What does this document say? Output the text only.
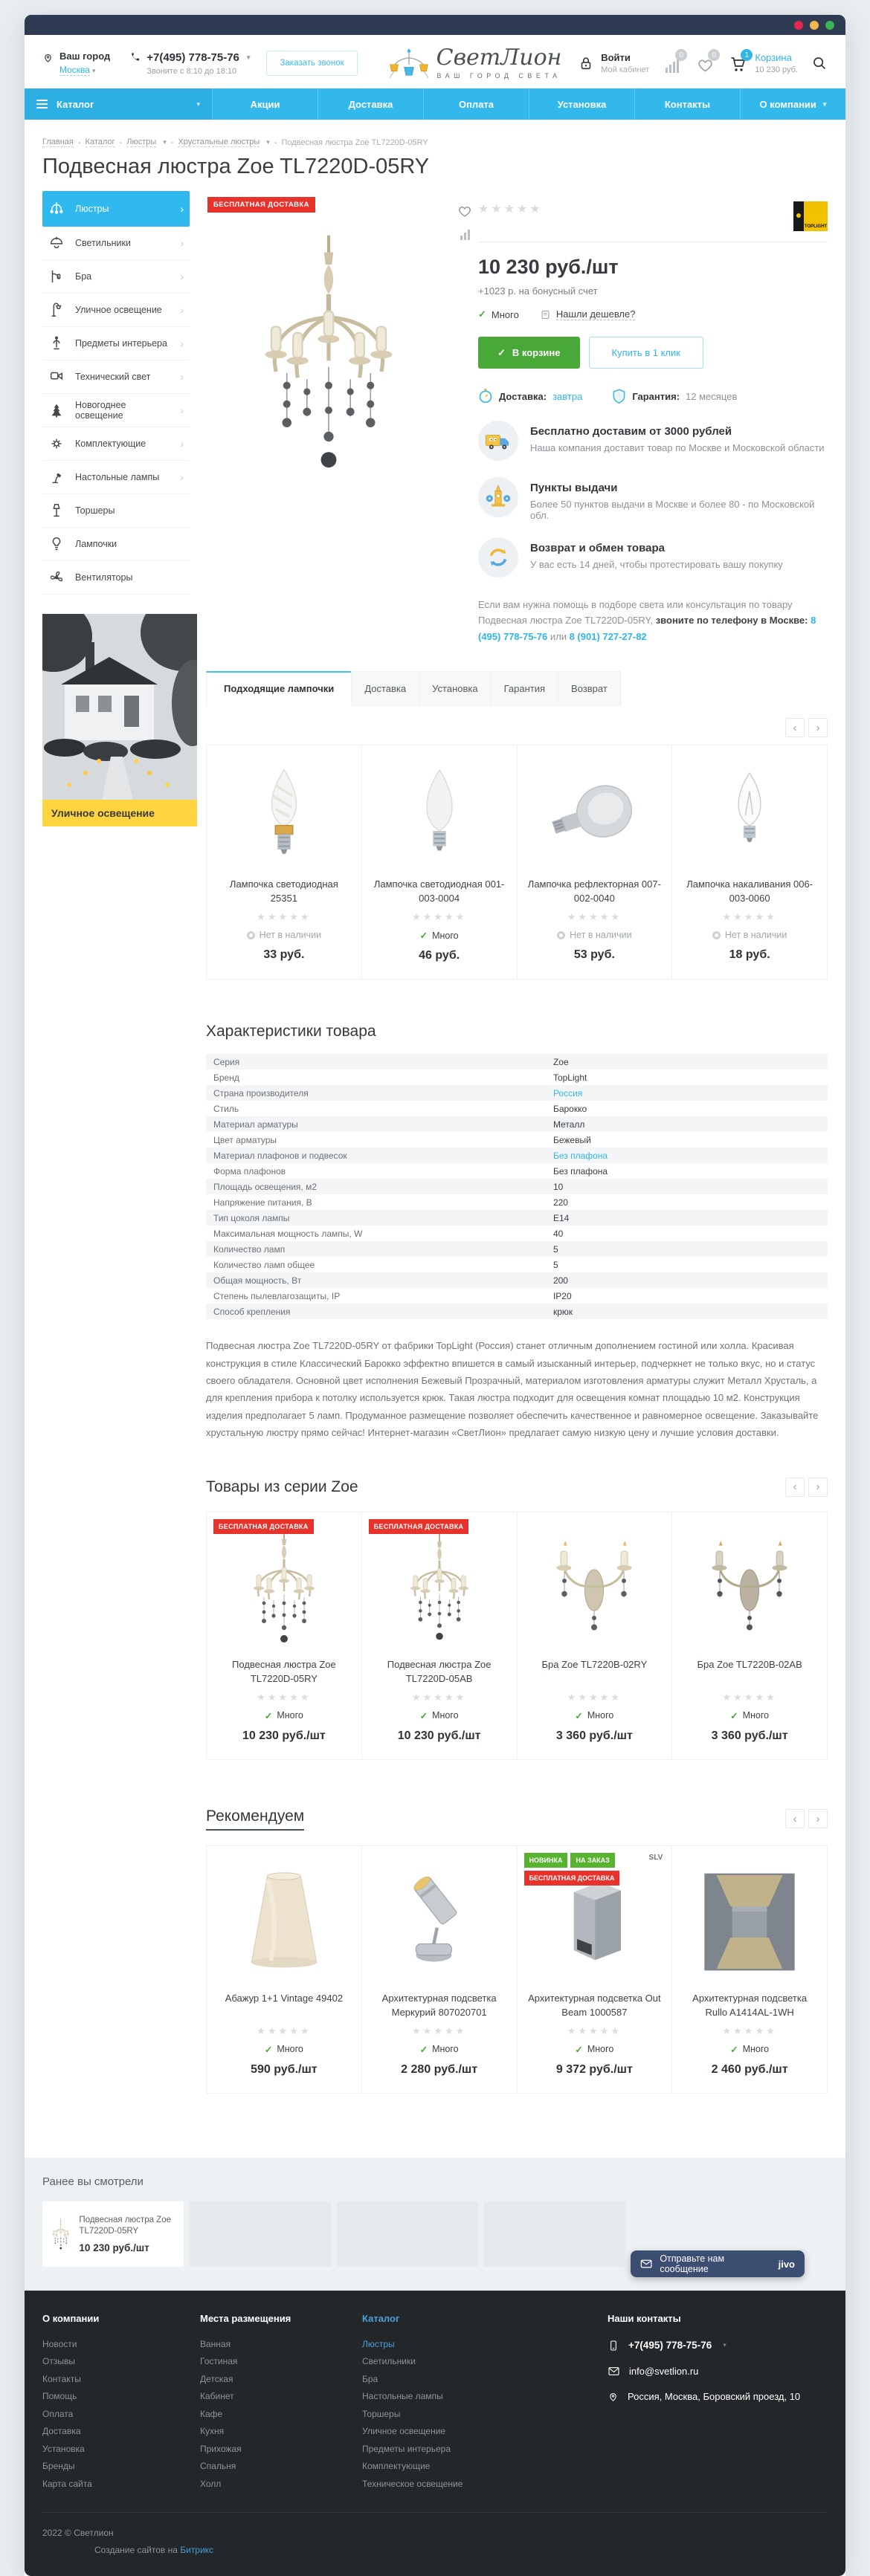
Ваш город
Москва ▾
+7(495) 778-75-76 ▾
Звоните с 8:10 до 18:10
Заказать звонок	СветЛион
ВАШ ГОРОД СВЕТА
Войти
Мой кабинет
0	0	1 Корзина
10 230 руб.
Каталог	▾	Акции	Доставка	Оплата	Установка	Контакты	О компании ▾
Главная - Каталог - Люстры ▾ - Хрустальные люстры ▾ - Подвесная люстра Zoe TL7220D-05RY
Подвесная люстра Zoe TL7220D-05RY
Люстры	›
Светильники	›
Бра	›
Уличное освещение ›
Предметы интерьера ›
Технический свет	›
Новогоднее освещение	›
Комплектующие	›
Настольные лампы ›
Торшеры
Лампочки
Вентиляторы
Уличное освещение
БЕСПЛАТНАЯ ДОСТАВКА	★★★★★
TOPLIGHT
10 230 руб./шт
+1023 р. на бонусный счет
✓ Много	Нашли дешевле?
✓ В корзине	Купить в 1 клик
Доставка: завтра	Гарантия: 12 месяцев
Бесплатно доставим от 3000 рублей
Наша компания доставит товар по Москве и Московской области
Пункты выдачи
Более 50 пунктов выдачи в Москве и более 80 - по Московской обл.
Возврат и обмен товара
У вас есть 14 дней, чтобы протестировать вашу покупку
Если вам нужна помощь в подборе света или консультация по товару Подвесная люстра Zoe TL7220D-05RY, звоните по телефону в Москве: 8 (495) 778-75-76 или 8 (901) 727-27-82
Подходящие лампочки	Доставка	Установка	Гарантия	Возврат
‹	›
Лампочка светодиодная 25351
★★★★★
Нет в наличии
33 руб.
Лампочка светодиодная 001-003-0004
★★★★★
✓ Много
46 руб.
Лампочка рефлекторная 007-002-0040
★★★★★
Нет в наличии
53 руб.
Лампочка накаливания 006-003-0060
★★★★★
Нет в наличии
18 руб.
Характеристики товара
Серия	Zoe
Бренд	TopLight
Страна производителя	Россия
Стиль	Барокко
Материал арматуры	Металл
Цвет арматуры	Бежевый
Материал плафонов и подвесок	Без плафона
Форма плафонов	Без плафона
Площадь освещения, м2	10
Напряжение питания, В	220
Тип цоколя лампы	E14
Максимальная мощность лампы, W	40
Количество ламп	5
Количество ламп общее	5
Общая мощность, Вт	200
Степень пылевлагозащиты, IP	IP20
Способ крепления	крюк

Подвесная люстра Zoe TL7220D-05RY от фабрики TopLight (Россия) станет отличным дополнением гостиной или холла. Красивая конструкция в стиле Классический Барокко эффектно впишется в самый изысканный интерьер, подчеркнет не только вкус, но и статус своего обладателя. Основной цвет исполнения Бежевый Прозрачный, материалом изготовления арматуры служит Металл Хрусталь, а для крепления прибора к потолку используется крюк. Такая люстра подходит для освещения комнат площадью 10 м2. Конструкция изделия предполагает 5 ламп. Продуманное размещение позволяет обеспечить качественное и равномерное освещение. Заказывайте хрустальную люстру прямо сейчас! Интернет-магазин «СветЛион» предлагает самую низкую цену и лучшие условия доставки.

Товары из серии Zoe	‹	›
БЕСПЛАТНАЯ ДОСТАВКА
Подвесная люстра Zoe TL7220D-05RY
★★★★★
✓ Много
10 230 руб./шт
БЕСПЛАТНАЯ ДОСТАВКА
Подвесная люстра Zoe TL7220D-05AB
★★★★★
✓ Много
10 230 руб./шт
Бра Zoe TL7220B-02RY
★★★★★
✓ Много
3 360 руб./шт
Бра Zoe TL7220B-02AB
★★★★★
✓ Много
3 360 руб./шт
Рекомендуем	‹	›
Абажур 1+1 Vintage 49402
★★★★★
✓ Много
590 руб./шт
Архитектурная подсветка Меркурий 807020701
★★★★★
✓ Много
2 280 руб./шт
НОВИНКА	НА ЗАКАЗ
БЕСПЛАТНАЯ ДОСТАВКА
SLV
Архитектурная подсветка Out Beam 1000587
★★★★★
✓ Много
9 372 руб./шт
Архитектурная подсветка Rullo A1414AL-1WH
★★★★★
✓ Много
2 460 руб./шт
Ранее вы смотрели
Подвесная люстра Zoe TL7220D-05RY
10 230 руб./шт
О компании
Новости
Отзывы
Контакты
Помощь
Оплата
Доставка
Установка
Бренды
Карта сайта
Места размещения
Ванная
Гостиная
Детская
Кабинет
Кафе
Кухня
Прихожая
Спальня
Холл
Каталог
Люстры
Светильники
Бра
Настольные лампы
Торшеры
Уличное освещение
Предметы интерьера
Комплектующие
Техническое освещение
Наши контакты
+7(495) 778-75-76 ▾
info@svetlion.ru
Россия, Москва, Боровский проезд, 10
2022 © Светлион
Создание сайтов на Битрикс
Отправьте нам сообщение	jivo
